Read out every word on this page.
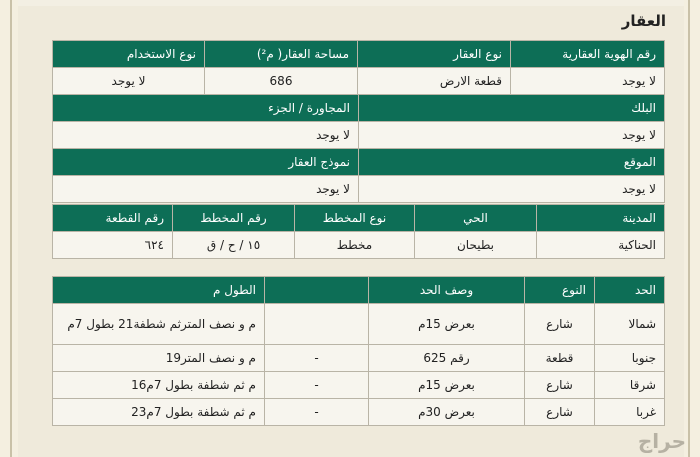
العقار
رقم الهوية العقارية	نوع العقار	مساحة العقار( م²)	نوع الاستخدام
لا يوجد	قطعة الارض	686	لا يوجد
البلك	المجاورة / الجزء
لا يوجد	لا يوجد
الموقع	نموذج العقار
لا يوجد	لا يوجد
المدينة	الحي	نوع المخطط	رقم المخطط	رقم القطعة
الحناكية	بطيحان	مخطط	١٥ / ح / ق	٦٢٤
الحد	النوع	وصف الحد		الطول م
شمالا	شارع	بعرض 15م		م و نصف المترثم شطفة21 بطول 7م
جنوبا	قطعة	رقم 625	-	م و نصف المتر19
شرقا	شارع	بعرض 15م	-	م ثم شطفة بطول 7م16
غربا	شارع	بعرض 30م	-	م ثم شطفة بطول 7م23
حراج
